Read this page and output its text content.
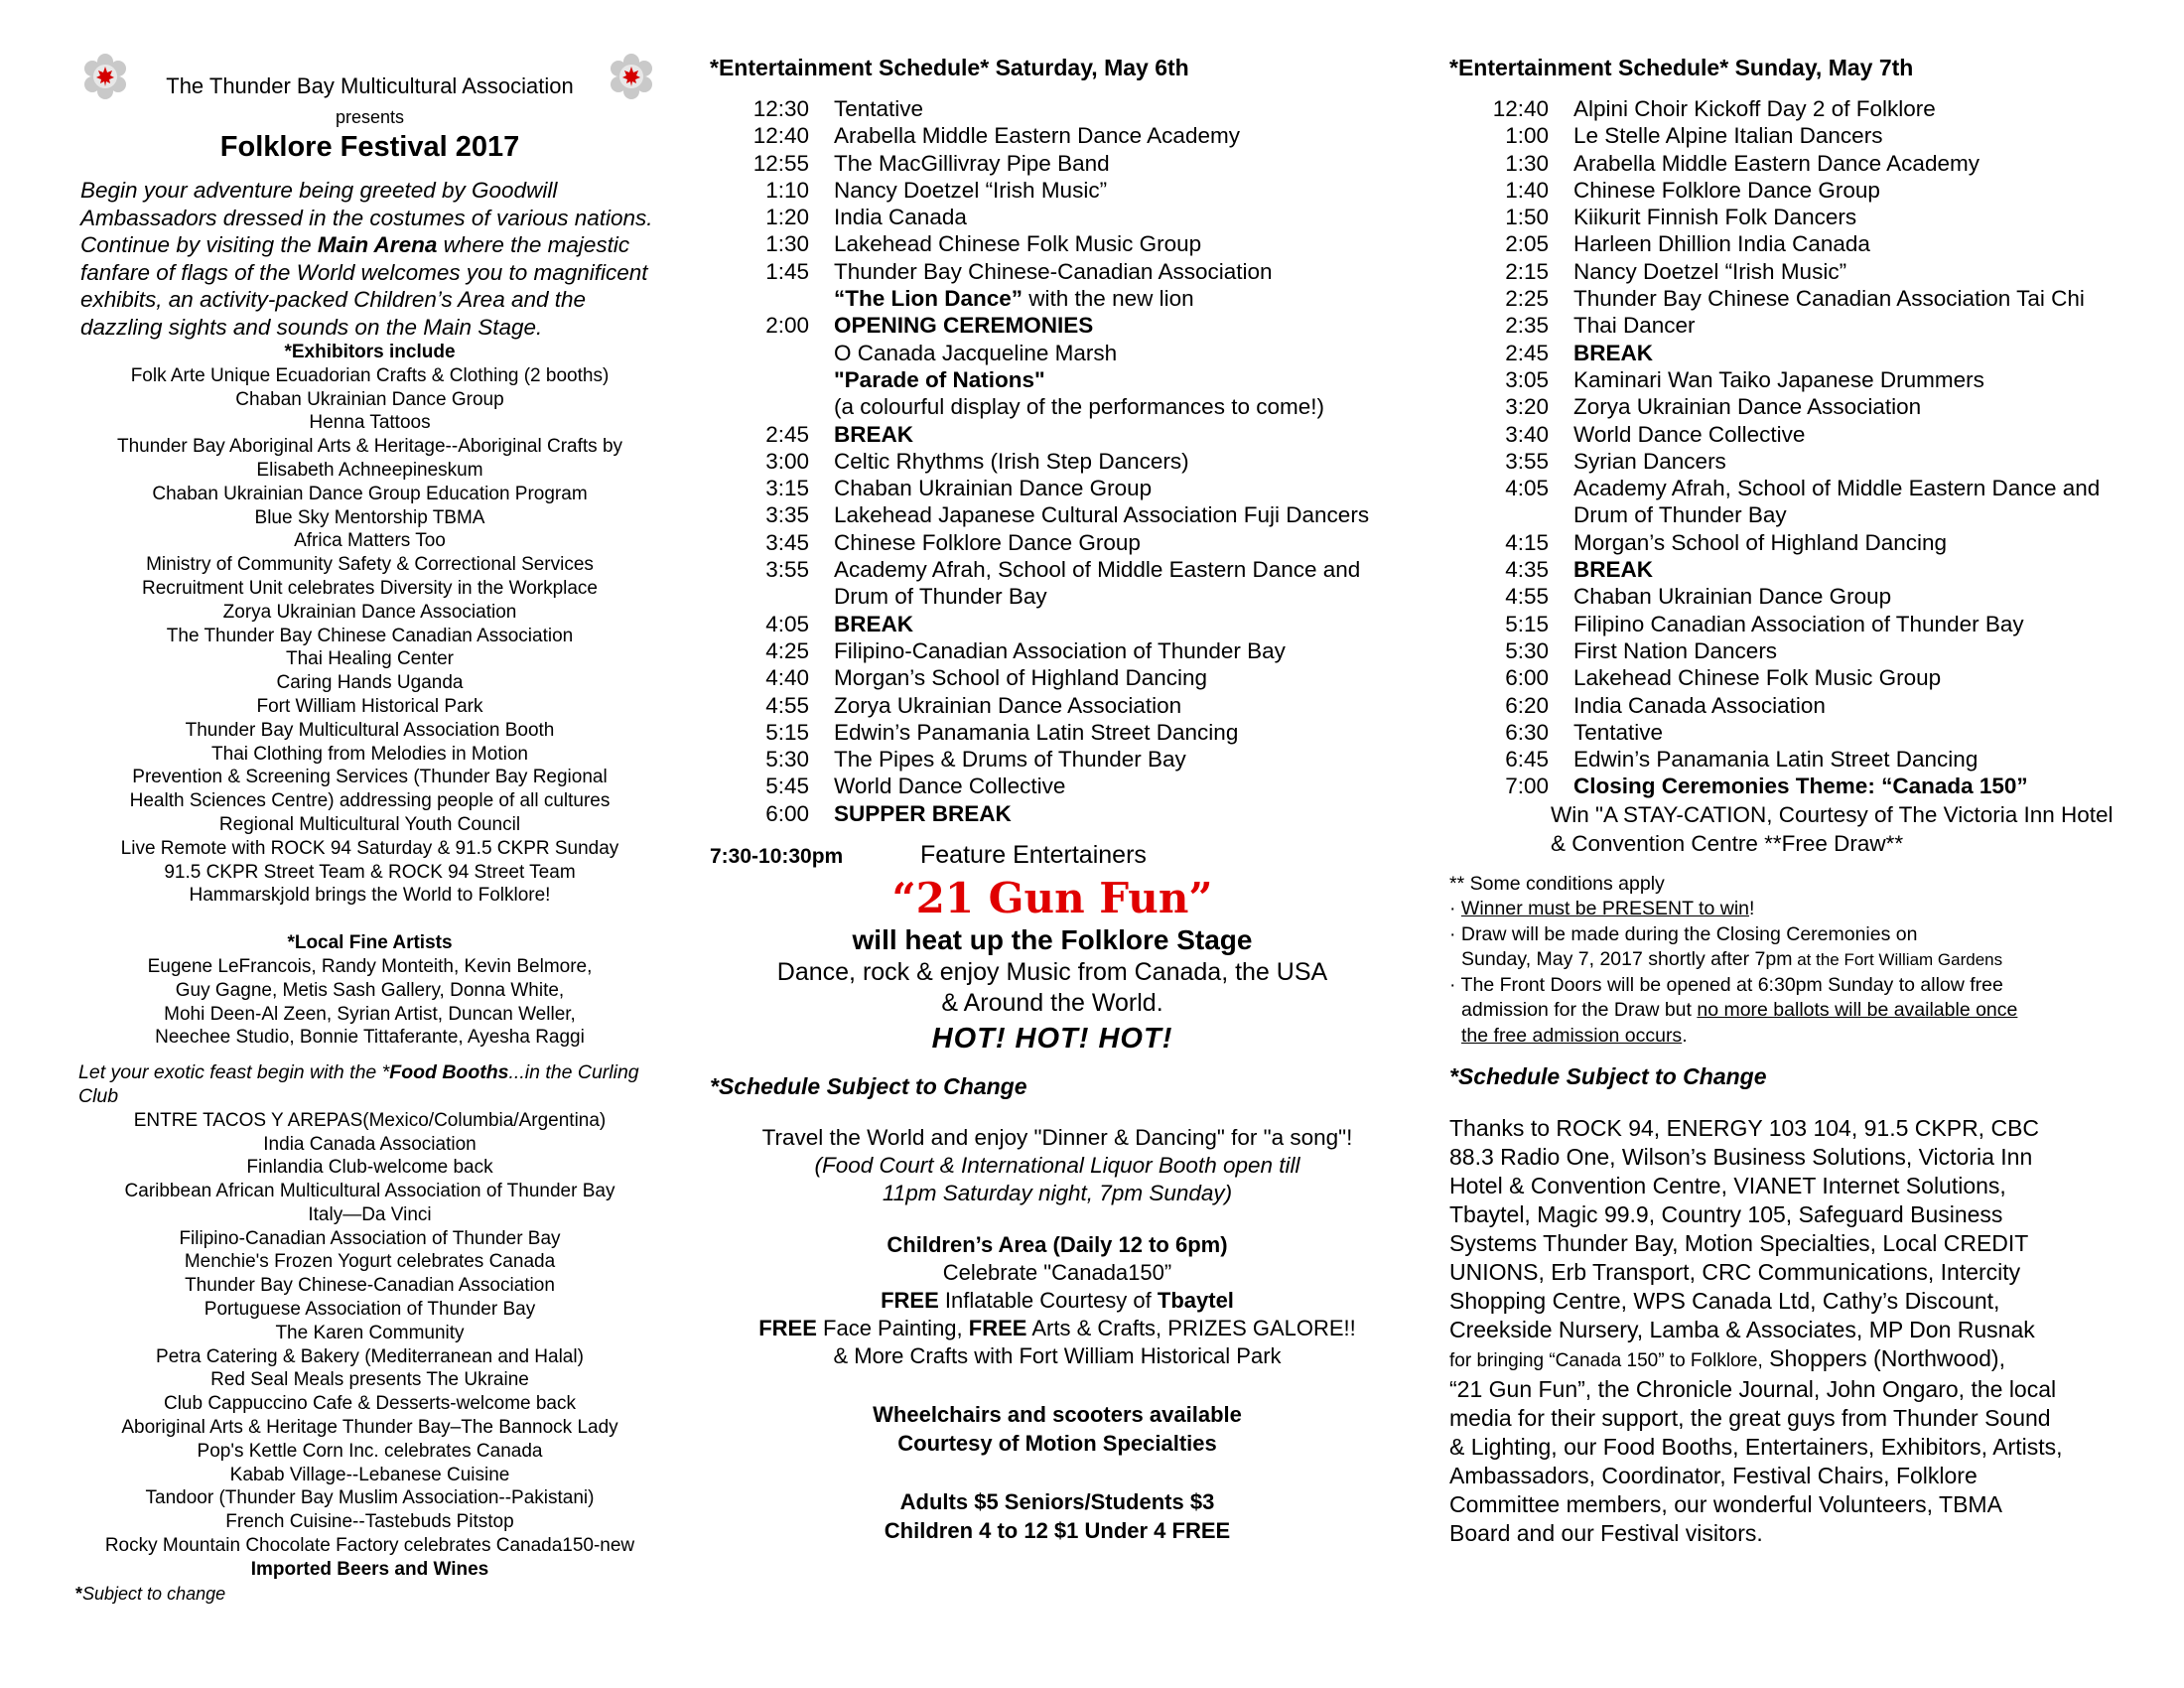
The Thunder Bay Multicultural Association
presents
Folklore Festival 2017
Begin your adventure being greeted by Goodwill Ambassadors dressed in the costumes of various nations. Continue by visiting the Main Arena where the majestic fanfare of flags of the World welcomes you to magnificent exhibits, an activity-packed Children’s Area and the dazzling sights and sounds on the Main Stage.
*Exhibitors include
Folk Arte Unique Ecuadorian Crafts & Clothing (2 booths)
Chaban Ukrainian Dance Group
Henna Tattoos
Thunder Bay Aboriginal Arts & Heritage--Aboriginal Crafts by
Elisabeth Achneepineskum
Chaban Ukrainian Dance Group Education Program
Blue Sky Mentorship TBMA
Africa Matters Too
Ministry of Community Safety & Correctional Services
Recruitment Unit celebrates Diversity in the Workplace
Zorya Ukrainian Dance Association
The Thunder Bay Chinese Canadian Association
Thai Healing Center
Caring Hands Uganda
Fort William Historical Park
Thunder Bay Multicultural Association Booth
Thai Clothing from Melodies in Motion
Prevention & Screening Services (Thunder Bay Regional
Health Sciences Centre) addressing people of all cultures
Regional Multicultural Youth Council
Live Remote with ROCK 94 Saturday & 91.5 CKPR Sunday
91.5 CKPR Street Team & ROCK 94 Street Team
Hammarskjold brings the World to Folklore!
*Local Fine Artists
Eugene LeFrancois, Randy Monteith, Kevin Belmore,
Guy Gagne, Metis Sash Gallery, Donna White,
Mohi Deen-Al Zeen, Syrian Artist, Duncan Weller,
Neechee Studio, Bonnie Tittaferante, Ayesha Raggi
Let your exotic feast begin with the *Food Booths...in the Curling Club
ENTRE TACOS Y AREPAS(Mexico/Columbia/Argentina)
India Canada Association
Finlandia Club-welcome back
Caribbean African Multicultural Association of Thunder Bay
Italy—Da Vinci
Filipino-Canadian Association of Thunder Bay
Menchie's Frozen Yogurt celebrates Canada
Thunder Bay Chinese-Canadian Association
Portuguese Association of Thunder Bay
The Karen Community
Petra Catering & Bakery (Mediterranean and Halal)
Red Seal Meals presents The Ukraine
Club Cappuccino Cafe & Desserts-welcome back
Aboriginal Arts & Heritage Thunder Bay–The Bannock Lady
Pop's Kettle Corn Inc. celebrates Canada
Kabab Village--Lebanese Cuisine
Tandoor (Thunder Bay Muslim Association--Pakistani)
French Cuisine--Tastebuds Pitstop
Rocky Mountain Chocolate Factory celebrates Canada150-new
Imported Beers and Wines
*Subject to change
*Entertainment Schedule* Saturday, May 6th
12:30	Tentative
12:40	Arabella Middle Eastern Dance Academy
12:55	The MacGillivray Pipe Band
1:10	Nancy Doetzel “Irish Music”
1:20	India Canada
1:30	Lakehead Chinese Folk Music Group
1:45	Thunder Bay Chinese-Canadian Association
“The Lion Dance” with the new lion
2:00	OPENING CEREMONIES
O Canada Jacqueline Marsh
"Parade of Nations"
(a colourful display of the performances to come!)
2:45	BREAK
3:00	Celtic Rhythms (Irish Step Dancers)
3:15	Chaban Ukrainian Dance Group
3:35	Lakehead Japanese Cultural Association Fuji Dancers
3:45	Chinese Folklore Dance Group
3:55	Academy Afrah, School of Middle Eastern Dance and
Drum of Thunder Bay
4:05	BREAK
4:25	Filipino-Canadian Association of Thunder Bay
4:40	Morgan’s School of Highland Dancing
4:55	Zorya Ukrainian Dance Association
5:15	Edwin’s Panamania Latin Street Dancing
5:30	The Pipes & Drums of Thunder Bay
5:45	World Dance Collective
6:00	SUPPER BREAK
7:30-10:30pm	Feature Entertainers
“21 Gun Fun”
will heat up the Folklore Stage
Dance, rock & enjoy Music from Canada, the USA
& Around the World.
HOT! HOT! HOT!
*Schedule Subject to Change
Travel the World and enjoy "Dinner & Dancing" for "a song"!
(Food Court & International Liquor Booth open till
11pm Saturday night, 7pm Sunday)
Children’s Area (Daily 12 to 6pm)
Celebrate "Canada150”
FREE Inflatable Courtesy of Tbaytel
FREE Face Painting, FREE Arts & Crafts, PRIZES GALORE!!
& More Crafts with Fort William Historical Park
Wheelchairs and scooters available
Courtesy of Motion Specialties
Adults $5 Seniors/Students $3
Children 4 to 12 $1 Under 4 FREE
*Entertainment Schedule* Sunday, May 7th
12:40	Alpini Choir Kickoff Day 2 of Folklore
1:00	Le Stelle Alpine Italian Dancers
1:30	Arabella Middle Eastern Dance Academy
1:40	Chinese Folklore Dance Group
1:50	Kiikurit Finnish Folk Dancers
2:05	Harleen Dhillion India Canada
2:15	Nancy Doetzel “Irish Music”
2:25	Thunder Bay Chinese Canadian Association Tai Chi
2:35	Thai Dancer
2:45	BREAK
3:05	Kaminari Wan Taiko Japanese Drummers
3:20	Zorya Ukrainian Dance Association
3:40	World Dance Collective
3:55	Syrian Dancers
4:05	Academy Afrah, School of Middle Eastern Dance and
Drum of Thunder Bay
4:15	Morgan’s School of Highland Dancing
4:35	BREAK
4:55	Chaban Ukrainian Dance Group
5:15	Filipino Canadian Association of Thunder Bay
5:30	First Nation Dancers
6:00	Lakehead Chinese Folk Music Group
6:20	India Canada Association
6:30	Tentative
6:45	Edwin’s Panamania Latin Street Dancing
7:00	Closing Ceremonies Theme: “Canada 150”
Win "A STAY-CATION, Courtesy of The Victoria Inn Hotel
& Convention Centre **Free Draw**
** Some conditions apply
· Winner must be PRESENT to win!
· Draw will be made during the Closing Ceremonies on
Sunday, May 7, 2017 shortly after 7pm at the Fort William Gardens
· The Front Doors will be opened at 6:30pm Sunday to allow free
admission for the Draw but no more ballots will be available once
the free admission occurs.
*Schedule Subject to Change
Thanks to ROCK 94, ENERGY 103 104, 91.5 CKPR, CBC
88.3 Radio One, Wilson’s Business Solutions, Victoria Inn
Hotel & Convention Centre, VIANET Internet Solutions,
Tbaytel, Magic 99.9, Country 105, Safeguard Business
Systems Thunder Bay, Motion Specialties, Local CREDIT
UNIONS, Erb Transport, CRC Communications, Intercity
Shopping Centre, WPS Canada Ltd, Cathy’s Discount,
Creekside Nursery, Lamba & Associates, MP Don Rusnak
for bringing “Canada 150” to Folklore, Shoppers (Northwood),
“21 Gun Fun”, the Chronicle Journal, John Ongaro, the local
media for their support, the great guys from Thunder Sound
& Lighting, our Food Booths, Entertainers, Exhibitors, Artists,
Ambassadors, Coordinator, Festival Chairs, Folklore
Committee members, our wonderful Volunteers, TBMA
Board and our Festival visitors.
